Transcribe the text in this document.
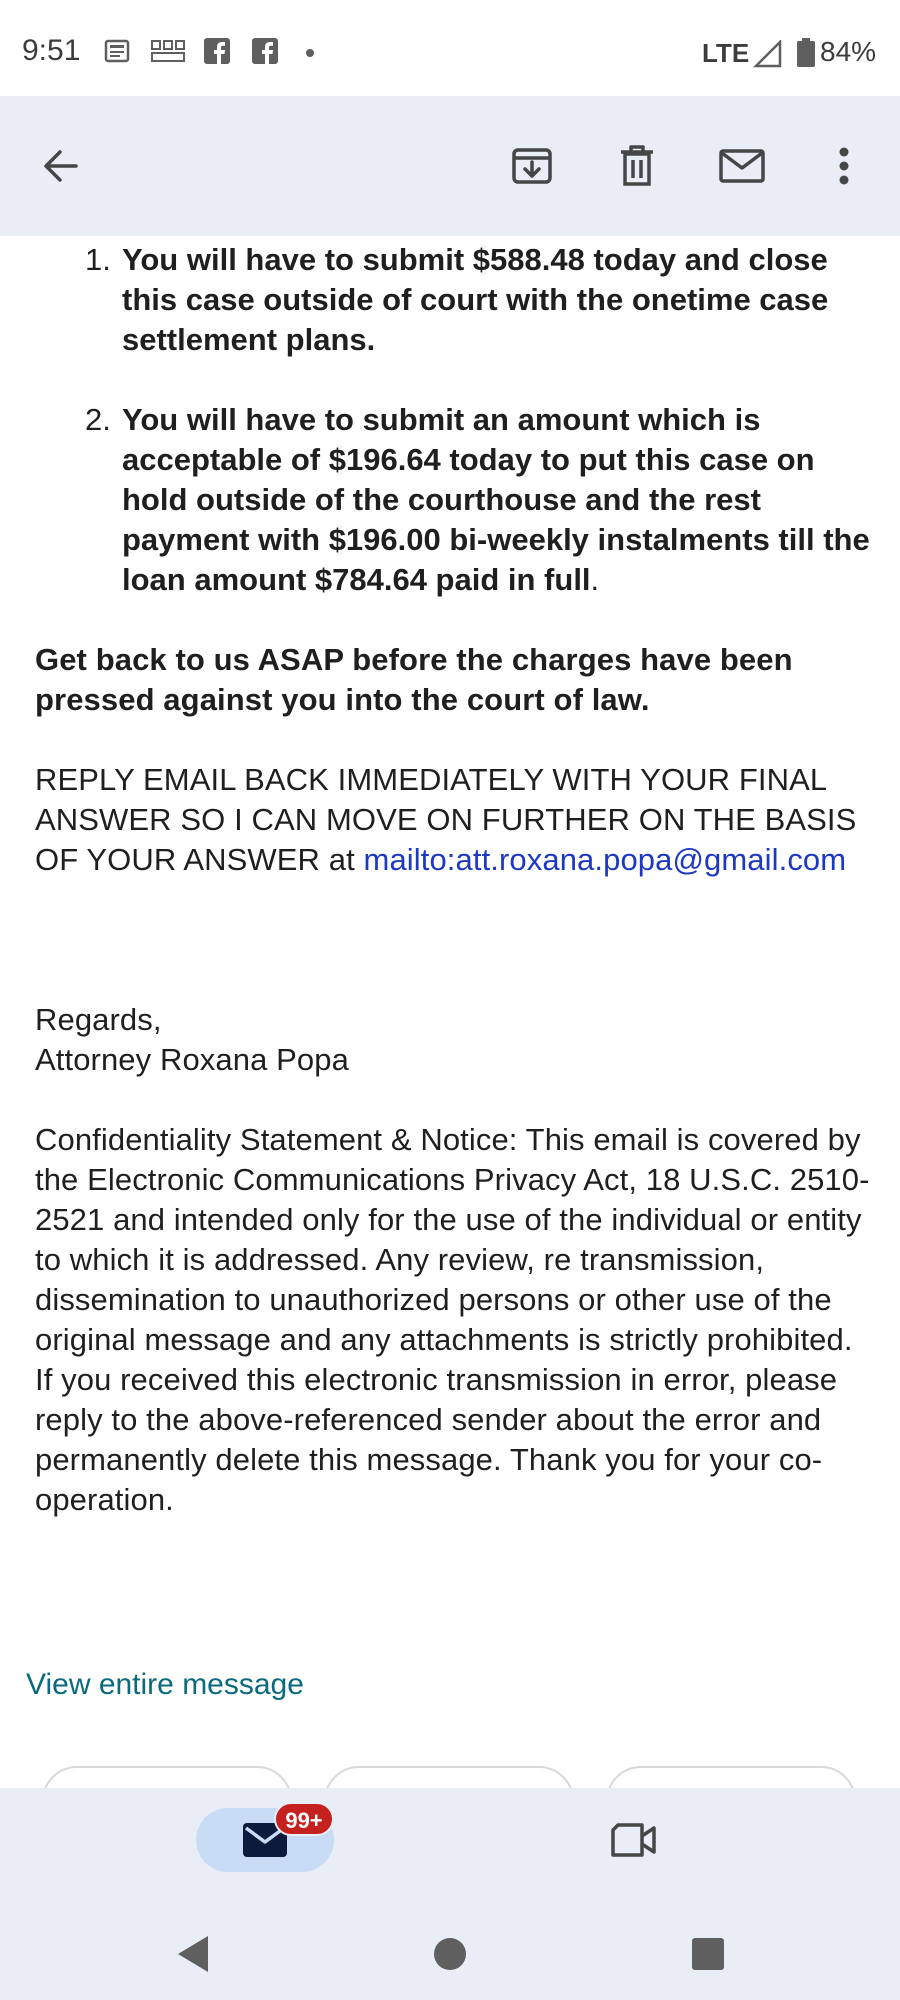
9:51	LTE	84%
1. You will have to submit $588.48 today and close this case outside of court with the onetime case settlement plans.
2. You will have to submit an amount which is acceptable of $196.64 today to put this case on hold outside of the courthouse and the rest payment with $196.00 bi-weekly instalments till the loan amount $784.64 paid in full.

Get back to us ASAP before the charges have been pressed against you into the court of law.

REPLY EMAIL BACK IMMEDIATELY WITH YOUR FINAL ANSWER SO I CAN MOVE ON FURTHER ON THE BASIS OF YOUR ANSWER at mailto:att.roxana.popa@gmail.com

Regards,

Attorney Roxana Popa

Confidentiality Statement & Notice: This email is covered by the Electronic Communications Privacy Act, 18 U.S.C. 2510-2521 and intended only for the use of the individual or entity to which it is addressed. Any review, re transmission, dissemination to unauthorized persons or other use of the original message and any attachments is strictly prohibited. If you received this electronic transmission in error, please reply to the above-referenced sender about the error and permanently delete this message. Thank you for your co-operation.

View entire message
99+
